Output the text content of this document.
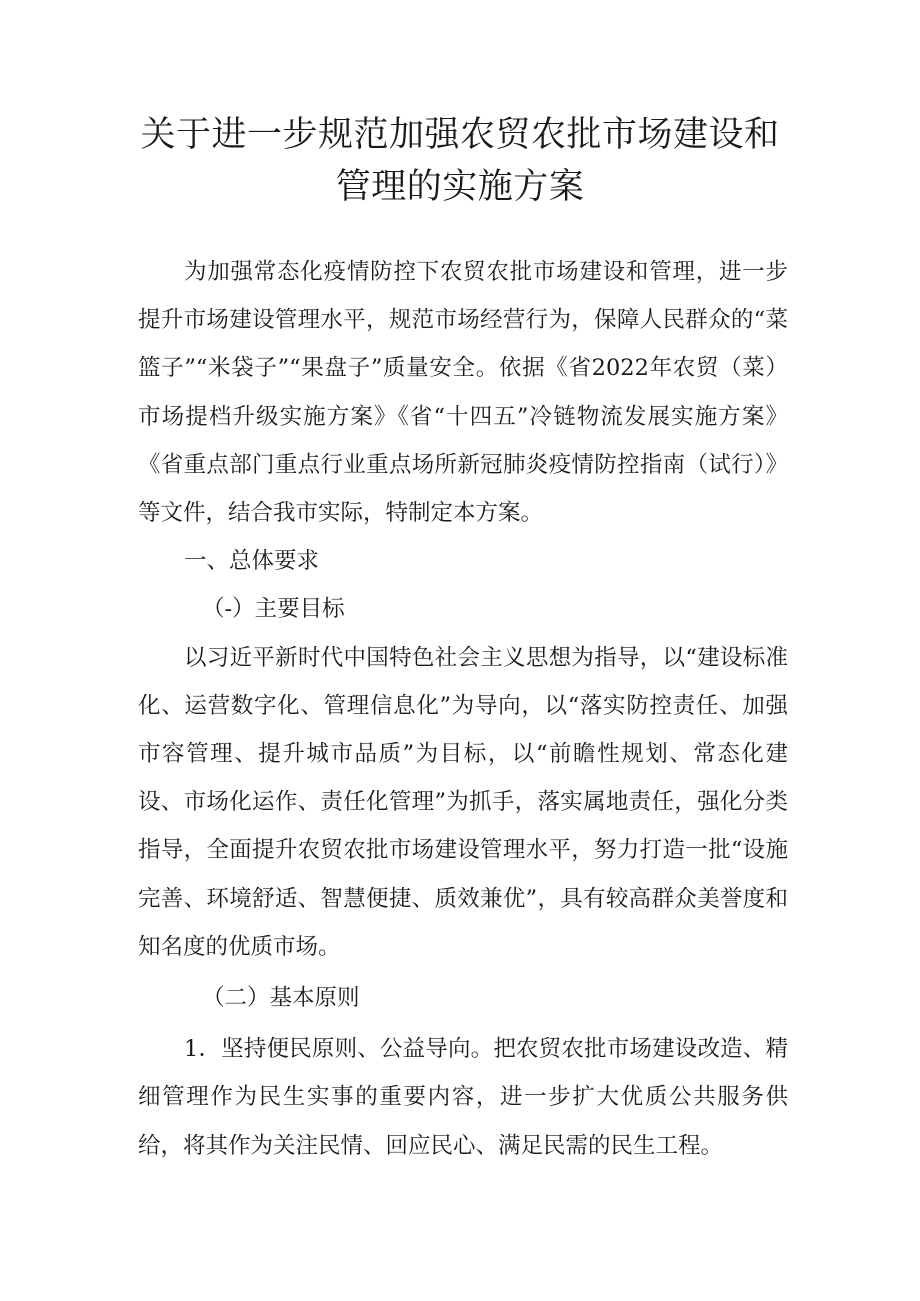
关于进一步规范加强农贸农批市场建设和
管理的实施方案

为加强常态化疫情防控下农贸农批市场建设和管理，进一步提升市场建设管理水平，规范市场经营行为，保障人民群众的“菜篮子”“米袋子”“果盘子”质量安全。依据《省2022年农贸（菜）市场提档升级实施方案》《省“十四五”冷链物流发展实施方案》《省重点部门重点行业重点场所新冠肺炎疫情防控指南（试行）》等文件，结合我市实际，特制定本方案。

一、总体要求

（-）主要目标

以习近平新时代中国特色社会主义思想为指导，以“建设标准化、运营数字化、管理信息化”为导向，以“落实防控责任、加强市容管理、提升城市品质”为目标，以“前瞻性规划、常态化建设、市场化运作、责任化管理”为抓手，落实属地责任，强化分类指导，全面提升农贸农批市场建设管理水平，努力打造一批“设施完善、环境舒适、智慧便捷、质效兼优”，具有较高群众美誉度和知名度的优质市场。

（二）基本原则

1．坚持便民原则、公益导向。把农贸农批市场建设改造、精细管理作为民生实事的重要内容，进一步扩大优质公共服务供给，将其作为关注民情、回应民心、满足民需的民生工程。
